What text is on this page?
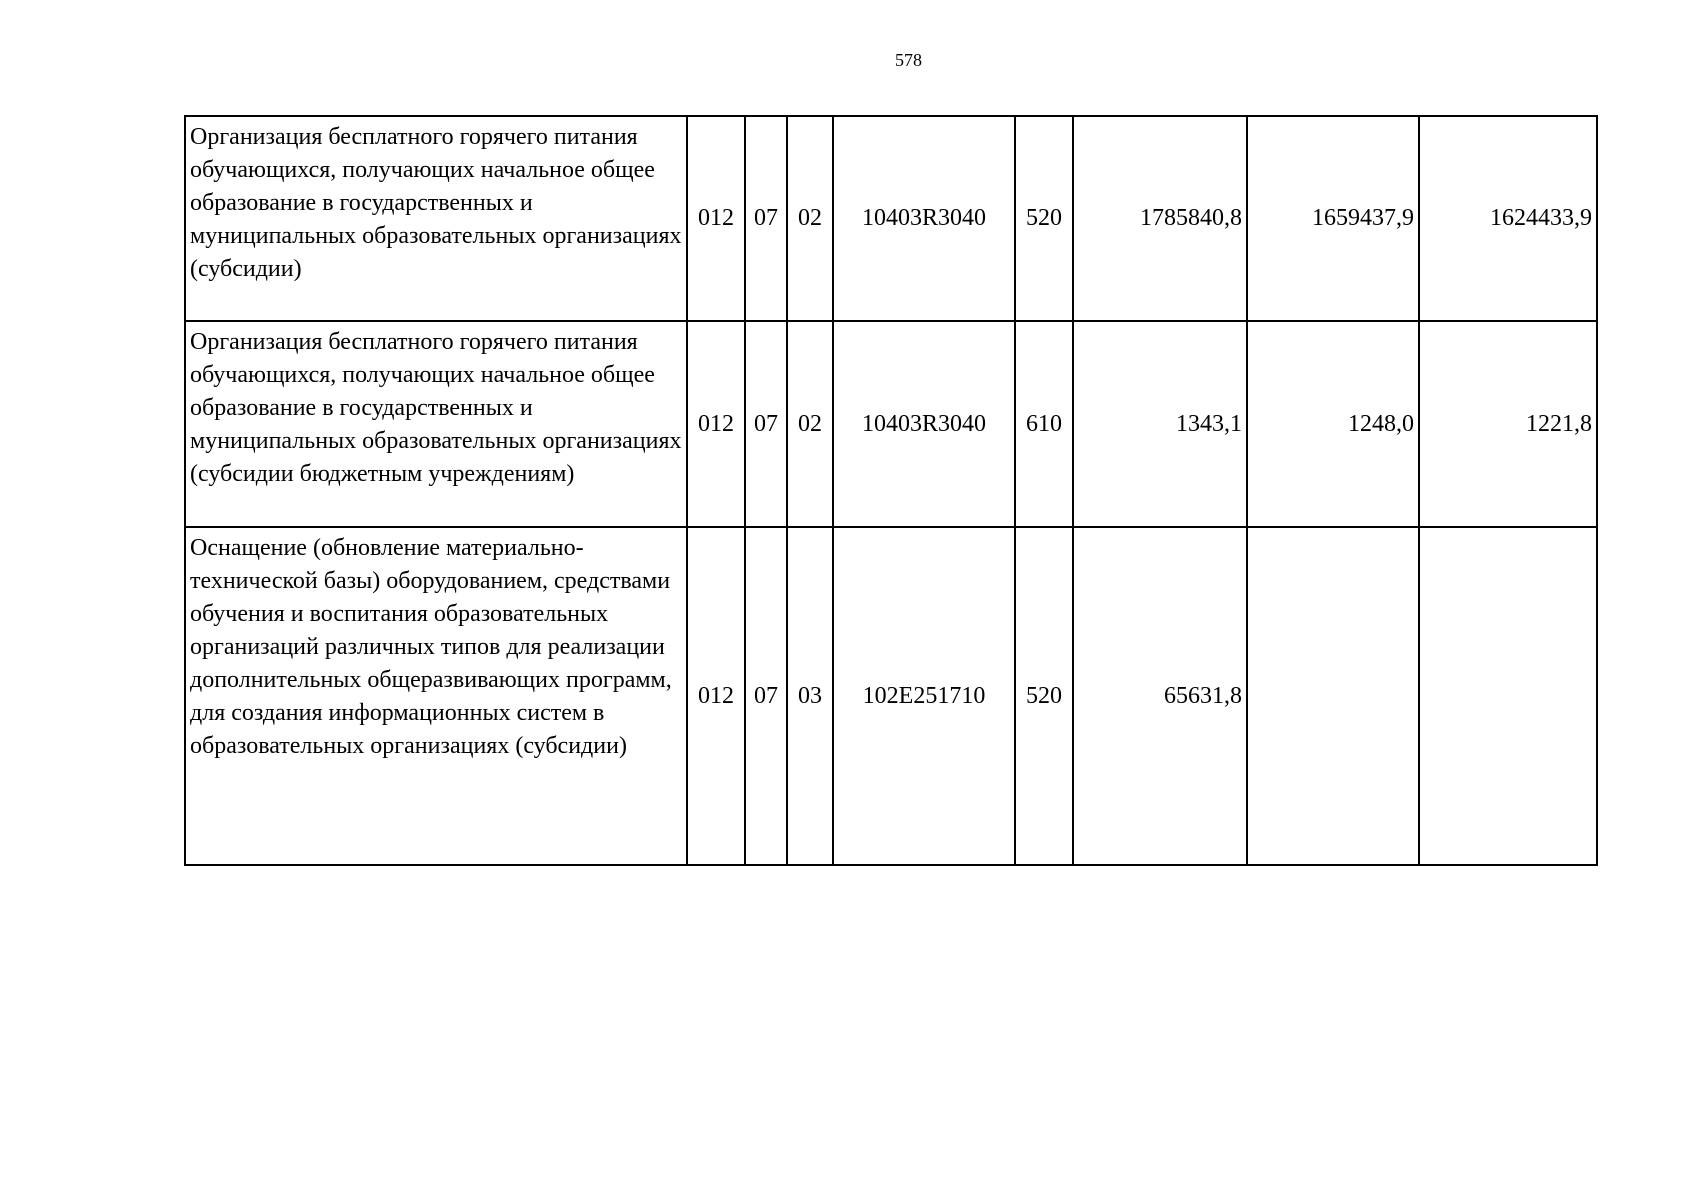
578
Организация бесплатного горячего питания обучающихся, получающих начальное общее образование в государственных и муниципальных образовательных организациях (субсидии)	012	07	02	10403R3040	520	1785840,8	1659437,9	1624433,9
Организация бесплатного горячего питания обучающихся, получающих начальное общее образование в государственных и муниципальных образовательных организациях (субсидии бюджетным учреждениям)	012	07	02	10403R3040	610	1343,1	1248,0	1221,8
Оснащение (обновление материально-технической базы) оборудованием, средствами обучения и воспитания образовательных организаций различных типов для реализации дополнительных общеразвивающих программ, для создания информационных систем в образовательных организациях (субсидии)	012	07	03	102E251710	520	65631,8		
